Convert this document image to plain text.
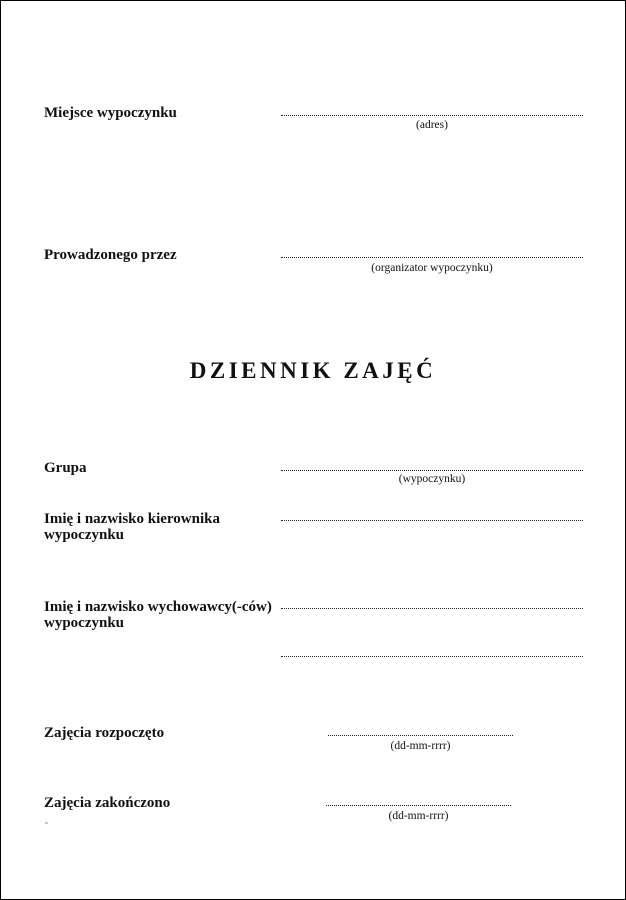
Miejsce wypoczynku
(adres)
Prowadzonego przez
(organizator wypoczynku)
DZIENNIK ZAJĘĆ
Grupa
(wypoczynku)
Imię i nazwisko kierownika
wypoczynku
Imię i nazwisko wychowawcy(-ców)
wypoczynku
Zajęcia rozpoczęto
(dd-mm-rrrr)
Zajęcia zakończono
(dd-mm-rrrr)
